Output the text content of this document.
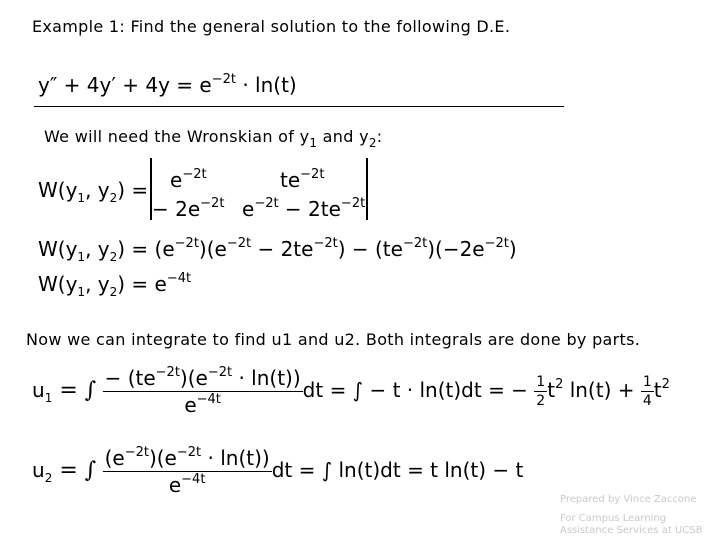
Example 1: Find the general solution to the following D.E.
$y'' + 4y' + 4y = e^{-2t} \cdot \ln(t)$
We will need the Wronskian of $y_1$ and $y_2$:
$W(y_1$, $y_2) = e^{-2t}$	$te^{-2t}$
− $2e^{-2t}$ $e^{-2t} - 2te^{-2t}$
$W(y_1$, $y_2) = (e^{-2t})(e^{-2t} - 2te^{-2t}) - (te^{-2t})(-2e^{-2t})$
$W(y_1$, $y_2) = e^{-4t}$
Now we can integrate to find u1 and u2. Both integrals are done by parts.
$u_1$ = ∫ $\frac{- (te^{-2t})(e^{-2t} \cdot \ln(t))}{e^{-4t}}$ dt = ∫ − t · ln(t)dt = − $\frac{1}{2} t^2$ $\ln(t) + \frac{1}{4} t^2$
$u_2$ = ∫ $\frac{(e^{-2t})(e^{-2t} \cdot \ln(t))}{e^{-4t}}$ dt = ∫ ln(t)dt = t ln(t) − t
Prepared by Vince Zaccone
For Campus Learning
Assistance Services at UCSB
